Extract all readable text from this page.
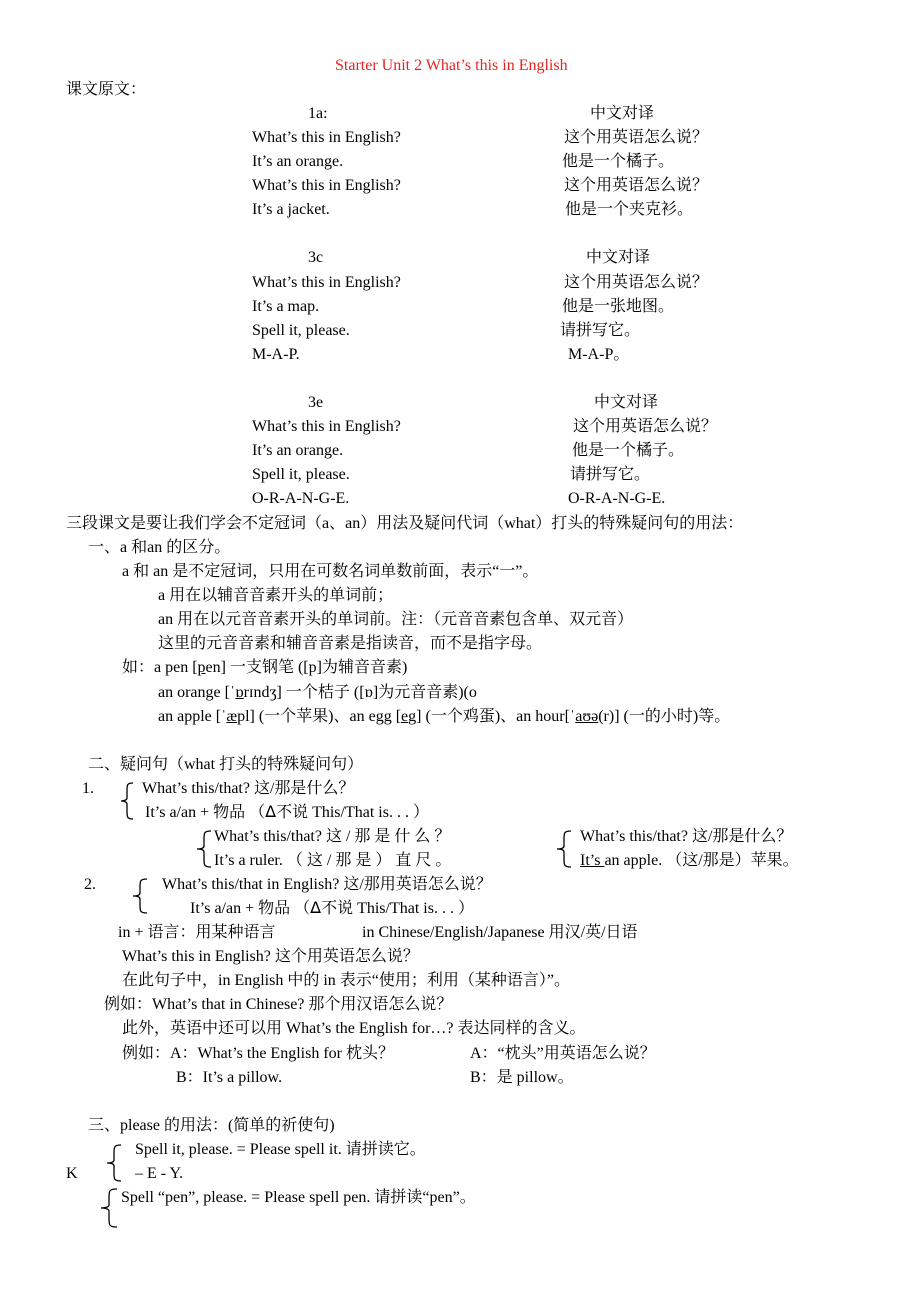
Starter Unit 2 What’s this in English
课文原文：
1a:	中文对译
What’s this in English?	这个用英语怎么说？
It’s an orange.	他是一个橘子。
What’s this in English?	这个用英语怎么说？
It’s a jacket.	他是一个夹克衫。
3c	中文对译
What’s this in English?	这个用英语怎么说？
It’s a map.	他是一张地图。
Spell it, please.	请拼写它。
M-A-P.	M-A-P。
3e	中文对译
What’s this in English?	这个用英语怎么说？
It’s an orange.	他是一个橘子。
Spell it, please.	请拼写它。
O-R-A-N-G-E.	O-R-A-N-G-E.
三段课文是要让我们学会不定冠词（a、an）用法及疑问代词（what）打头的特殊疑问句的用法：
一、a 和an 的区分。
a 和 an 是不定冠词，只用在可数名词单数前面，表示“一”。
a 用在以辅音音素开头的单词前；
an 用在以元音音素开头的单词前。注：（元音音素包含单、双元音）
这里的元音音素和辅音音素是指读音，而不是指字母。
如：a pen [pen] 一支钢笔 ([p]为辅音音素)
an orange [ˈɒrɪndʒ] 一个桔子 ([ɒ]为元音音素)(o
an apple [ˈæpl] (一个苹果)、an egg [eg] (一个鸡蛋)、an hour[ˈaʊə(r)] (一的小时)等。
二、疑问句（what 打头的特殊疑问句）
1.	What’s this/that? 这/那是什么？
It’s a/an + 物品 （ᐃ不说 This/That is. . . ）
What’s this/that? 这 / 那 是 什 么 ？
It’s a ruler. （ 这 / 那 是 ） 直 尺 。
What’s this/that? 这/那是什么？
It’s an apple. （这/那是）苹果。
2.	What’s this/that in English? 这/那用英语怎么说？
It’s a/an + 物品 （ᐃ不说 This/That is. . . ）
in + 语言：用某种语言	in Chinese/English/Japanese 用汉/英/日语
What’s this in English? 这个用英语怎么说？
在此句子中，in English 中的 in 表示“使用；利用（某种语言）”。
例如：What’s that in Chinese? 那个用汉语怎么说？
此外，英语中还可以用 What’s the English for…? 表达同样的含义。
例如：A：What’s the English for 枕头？	A：“枕头”用英语怎么说？
B：It’s a pillow.	B：是 pillow。
三、please 的用法：(简单的祈使句)
Spell it, please. = Please spell it. 请拼读它。
K	– E - Y.
Spell “pen”, please. = Please spell pen. 请拼读“pen”。
